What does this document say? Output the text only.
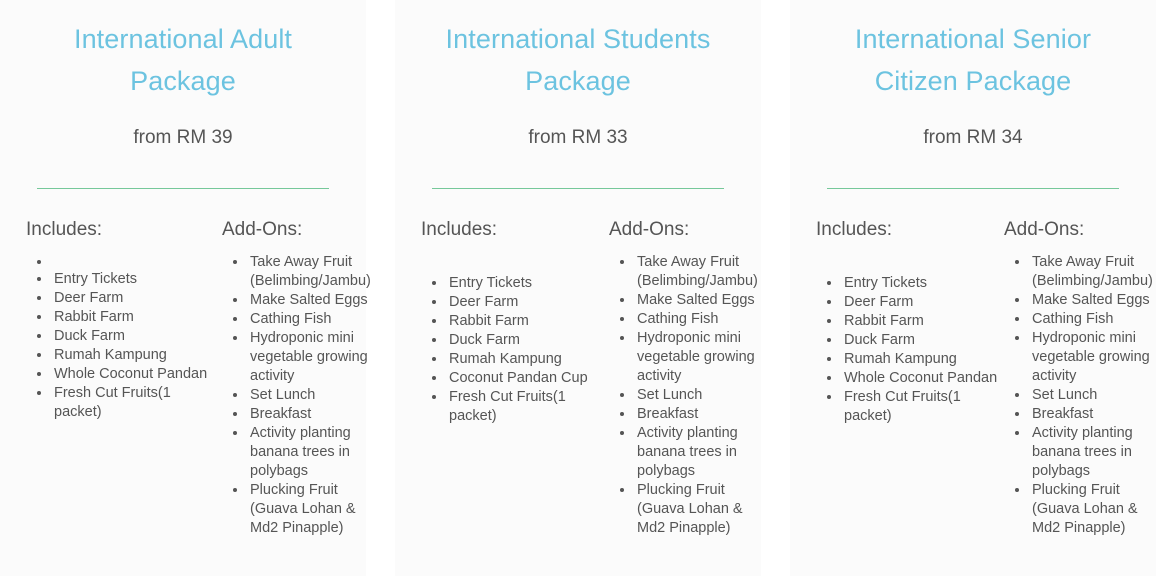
International Adult Package
from RM 39
Includes:
•
• Entry Tickets
• Deer Farm
• Rabbit Farm
• Duck Farm
• Rumah Kampung
• Whole Coconut Pandan
• Fresh Cut Fruits(1 packet)
Add-Ons:
• Take Away Fruit (Belimbing/Jambu)
• Make Salted Eggs
• Cathing Fish
• Hydroponic mini vegetable growing activity
• Set Lunch
• Breakfast
• Activity planting banana trees in polybags
• Plucking Fruit (Guava Lohan & Md2 Pinapple)
International Students Package
from RM 33
Includes:
• Entry Tickets
• Deer Farm
• Rabbit Farm
• Duck Farm
• Rumah Kampung
• Coconut Pandan Cup
• Fresh Cut Fruits(1 packet)
Add-Ons:
• Take Away Fruit (Belimbing/Jambu)
• Make Salted Eggs
• Cathing Fish
• Hydroponic mini vegetable growing activity
• Set Lunch
• Breakfast
• Activity planting banana trees in polybags
• Plucking Fruit (Guava Lohan & Md2 Pinapple)
International Senior Citizen Package
from RM 34
Includes:
• Entry Tickets
• Deer Farm
• Rabbit Farm
• Duck Farm
• Rumah Kampung
• Whole Coconut Pandan
• Fresh Cut Fruits(1 packet)
Add-Ons:
• Take Away Fruit (Belimbing/Jambu)
• Make Salted Eggs
• Cathing Fish
• Hydroponic mini vegetable growing activity
• Set Lunch
• Breakfast
• Activity planting banana trees in polybags
• Plucking Fruit (Guava Lohan & Md2 Pinapple)
